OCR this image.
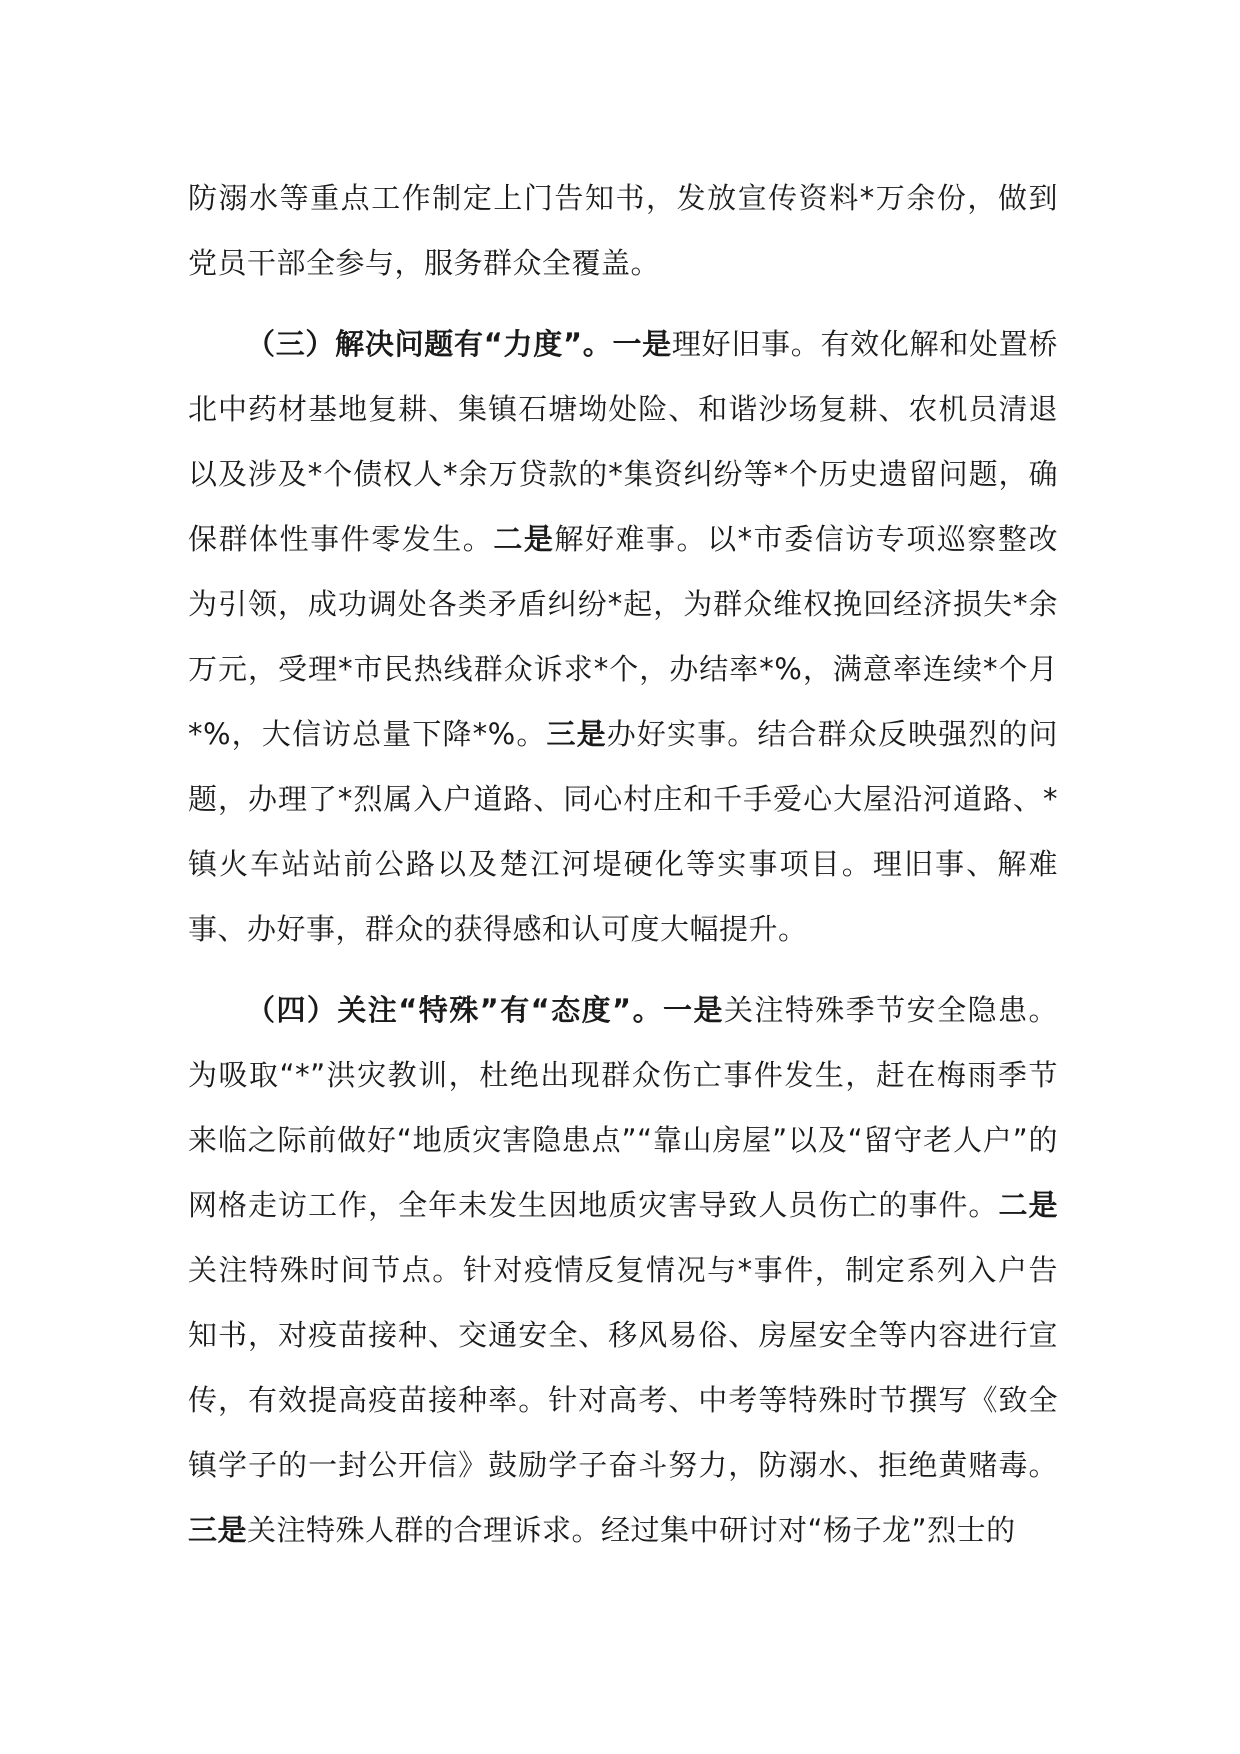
防溺水等重点工作制定上门告知书，发放宣传资料*万余份，做到党员干部全参与，服务群众全覆盖。

（三）解决问题有“力度”。一是理好旧事。有效化解和处置桥北中药材基地复耕、集镇石塘坳处险、和谐沙场复耕、农机员清退以及涉及*个债权人*余万贷款的*集资纠纷等*个历史遗留问题，确保群体性事件零发生。二是解好难事。以*市委信访专项巡察整改为引领，成功调处各类矛盾纠纷*起，为群众维权挽回经济损失*余万元，受理*市民热线群众诉求*个，办结率*%，满意率连续*个月*%，大信访总量下降*%。三是办好实事。结合群众反映强烈的问题，办理了*烈属入户道路、同心村庄和千手爱心大屋沿河道路、*镇火车站站前公路以及楚江河堤硬化等实事项目。理旧事、解难事、办好事，群众的获得感和认可度大幅提升。

（四）关注“特殊”有“态度”。一是关注特殊季节安全隐患。为吸取“*”洪灾教训，杜绝出现群众伤亡事件发生，赶在梅雨季节来临之际前做好“地质灾害隐患点”“靠山房屋”以及“留守老人户”的网格走访工作，全年未发生因地质灾害导致人员伤亡的事件。二是关注特殊时间节点。针对疫情反复情况与*事件，制定系列入户告知书，对疫苗接种、交通安全、移风易俗、房屋安全等内容进行宣传，有效提高疫苗接种率。针对高考、中考等特殊时节撰写《致全镇学子的一封公开信》鼓励学子奋斗努力，防溺水、拒绝黄赌毒。三是关注特殊人群的合理诉求。经过集中研讨对“杨子龙”烈士的
